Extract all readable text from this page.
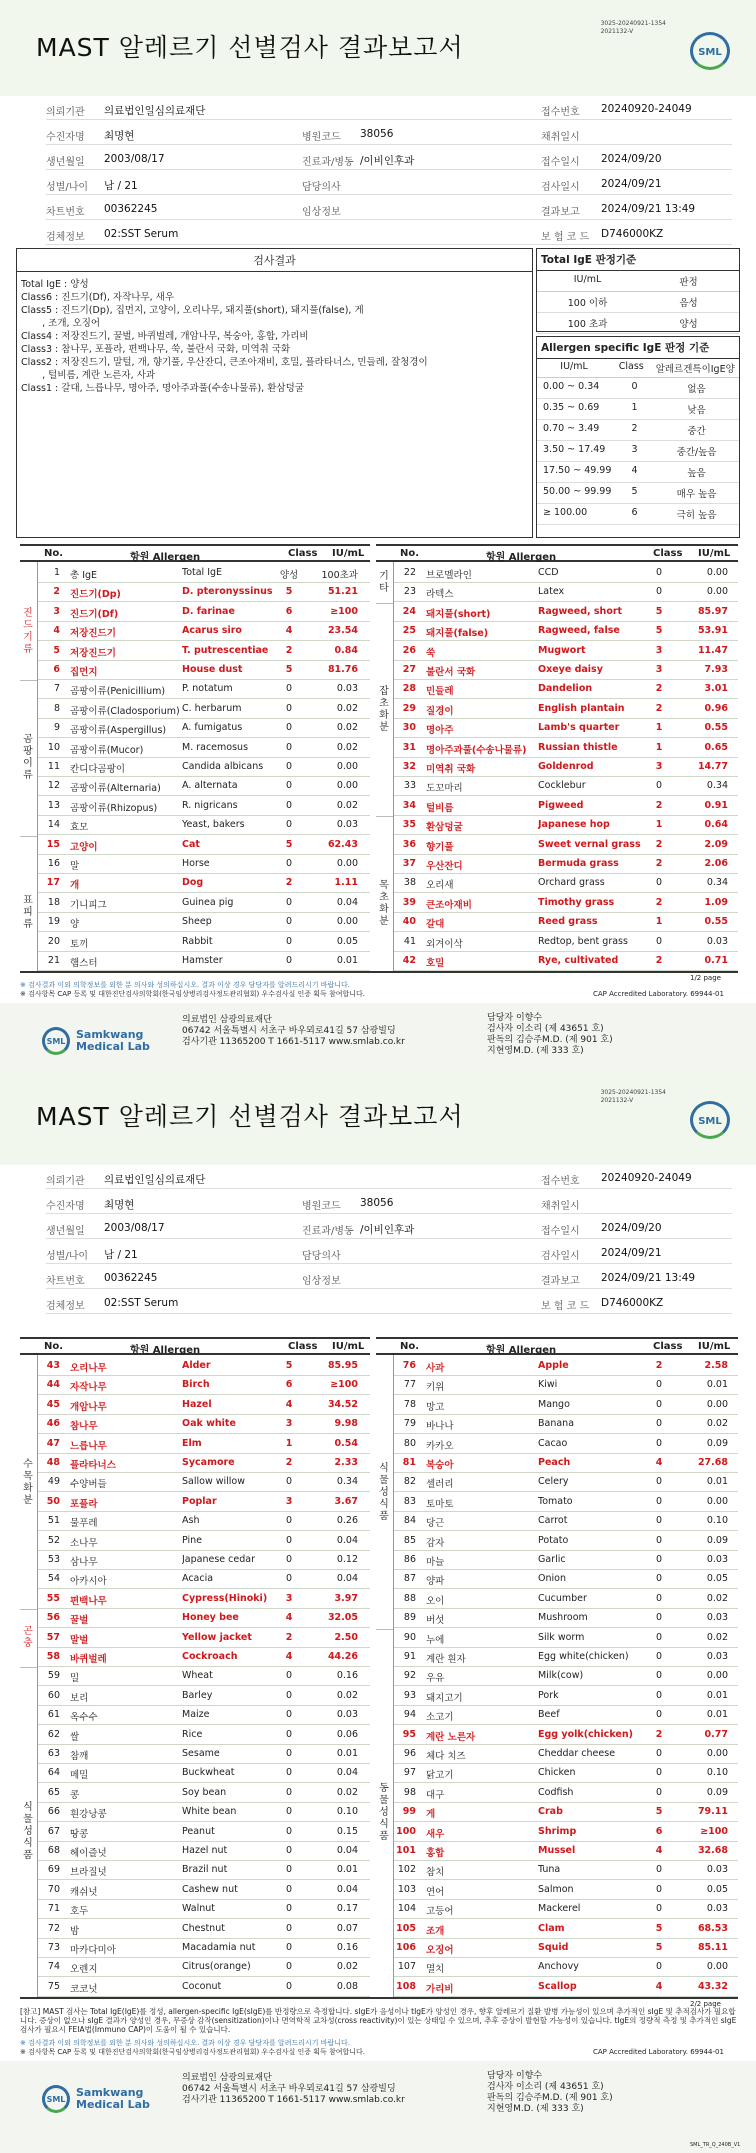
MAST 알레르기 선별검사 결과보고서
3025-20240921-1354
2021132-V
SML
의뢰기관 의료법인일심의료재단	접수번호 20240920-24049
수진자명 최명현	병원코드 38056	채취일시
생년월일 2003/08/17	진료과/병동 /이비인후과	접수일시 2024/09/20
성별/나이 남 / 21	담당의사	검사일시 2024/09/21
차트번호 00362245	임상정보	결과보고 2024/09/21 13:49
검체정보 02:SST Serum	보 험 코 드 D746000KZ
검사결과
Total IgE : 양성
Class6 : 진드기(Df), 자작나무, 새우
Class5 : 진드기(Dp), 집먼지, 고양이, 오리나무, 돼지풀(short), 돼지풀(false), 게
, 조개, 오징어
Class4 : 저장진드기, 꿀벌, 바퀴벌레, 개암나무, 복숭아, 홍합, 가리비
Class3 : 참나무, 포플라, 편백나무, 쑥, 불란서 국화, 미역취 국화
Class2 : 저장진드기, 말털, 개, 향기풀, 우산잔디, 큰조아재비, 호밀, 플라타너스, 민들레, 잘청경이
, 털비름, 계란 노른자, 사과
Class1 : 갈대, 느릅나무, 명아주, 명아주과풀(수송나물류), 환삼덩굴
Total IgE 판정기준
IU/mL	판정
100 이하	음성
100 초과	양성
Allergen specific IgE 판정 기준
IU/mL	Class	알레르겐특이IgE양
0.00 ~ 0.34	0	없음
0.35 ~ 0.69	1	낮음
0.70 ~ 3.49	2	중간
3.50 ~ 17.49	3	중간/높음
17.50 ~ 49.99	4	높음
50.00 ~ 99.99	5	매우 높음
≥ 100.00	6	극히 높음
No.	항원 Allergen	Class IU/mL
1 총 IgE	Total IgE	양성	100초과
2 진드기(Dp)	D. pteronyssinus	5	51.21
3 진드기(Df)	D. farinae	6	≥100
4 저장진드기	Acarus siro	4	23.54
5 저장진드기	T. putrescentiae	2	0.84
6 집먼지	House dust	5	81.76
7 곰팡이류(Penicillium)	P. notatum	0	0.03
8 곰팡이류(Cladosporium) C. herbarum	0	0.02
9 곰팡이류(Aspergillus)	A. fumigatus	0	0.02
10 곰팡이류(Mucor)	M. racemosus	0	0.02
11 칸디다곰팡이	Candida albicans	0	0.00
12 곰팡이류(Alternaria)	A. alternata	0	0.00
13 곰팡이류(Rhizopus)	R. nigricans	0	0.02
14 효모	Yeast, bakers	0	0.03
15 고양이	Cat	5	62.43
16 말	Horse	0	0.00
17 개	Dog	2	1.11
18 기니피그	Guinea pig	0	0.04
19 양	Sheep	0	0.00
20 토끼	Rabbit	0	0.05
21 햄스터	Hamster	0	0.01
진드기류
곰팡이류
표피류
No.	항원 Allergen	Class IU/mL
22 브로멜라인	CCD	0	0.00
23 라텍스	Latex	0	0.00
24 돼지풀(short)	Ragweed, short	5	85.97
25 돼지풀(false)	Ragweed, false	5	53.91
26 쑥	Mugwort	3	11.47
27 불란서 국화	Oxeye daisy	3	7.93
28 민들레	Dandelion	2	3.01
29 질경이	English plantain	2	0.96
30 명아주	Lamb's quarter	1	0.55
31 명아주과풀(수송나물류)	Russian thistle	1	0.65
32 미역취 국화	Goldenrod	3	14.77
33 도꼬마리	Cocklebur	0	0.34
34 털비름	Pigweed	2	0.91
35 환삼덩굴	Japanese hop	1	0.64
36 향기풀	Sweet vernal grass	2	2.09
37 우산잔디	Bermuda grass	2	2.06
38 오리새	Orchard grass	0	0.34
39 큰조아재비	Timothy grass	2	1.09
40 갈대	Reed grass	1	0.55
41 외겨이삭	Redtop, bent grass	0	0.03
42 호밀	Rye, cultivated	2	0.71
기타
잡초화분
목초화분
1/2 page
※ 검사결과 이외 의학정보를 외한 분 의사와 성의하십시오. 결과 이상 경우 담당자를 알려드리시기 바랍니다.
※ 검사항목 CAP 등록 및 대한진단검사의학회(한국임상병리검사정도관리협회) 우수검사실 인증 획득 참여합니다.	CAP Accredited Laboratory. 69944-01
SML
Samkwang
Medical Lab
의료법인 삼광의료재단
06742 서울특별시 서초구 바우뫼로41길 57 삼광빌딩
검사기관 11365200 T 1661-5117 www.smlab.co.kr
담당자 이향수
검사자 이소리 (제 43651 호)
판독의 김승주M.D. (제 901 호)
지현영M.D. (제 333 호)
MAST 알레르기 선별검사 결과보고서
3025-20240921-1354
2021132-V
SML
의뢰기관 의료법인일심의료재단	접수번호 20240920-24049
수진자명 최명현	병원코드 38056	채취일시
생년월일 2003/08/17	진료과/병동 /이비인후과	접수일시 2024/09/20
성별/나이 남 / 21	담당의사	검사일시 2024/09/21
차트번호 00362245	임상정보	결과보고 2024/09/21 13:49
검체정보 02:SST Serum	보 험 코 드 D746000KZ
No.	항원 Allergen	Class IU/mL
43 오리나무	Alder	5	85.95
44 자작나무	Birch	6	≥100
45 개암나무	Hazel	4	34.52
46 참나무	Oak white	3	9.98
47 느릅나무	Elm	1	0.54
48 플라타너스	Sycamore	2	2.33
49 수양버들	Sallow willow	0	0.34
50 포플라	Poplar	3	3.67
51 물푸레	Ash	0	0.26
52 소나무	Pine	0	0.04
53 삼나무	Japanese cedar	0	0.12
54 아카시아	Acacia	0	0.04
55 편백나무	Cypress(Hinoki)	3	3.97
56 꿀벌	Honey bee	4	32.05
57 말벌	Yellow jacket	2	2.50
58 바퀴벌레	Cockroach	4	44.26
59 밀	Wheat	0	0.16
60 보리	Barley	0	0.02
61 옥수수	Maize	0	0.03
62 쌀	Rice	0	0.06
63 참깨	Sesame	0	0.01
64 메밀	Buckwheat	0	0.04
65 콩	Soy bean	0	0.02
66 흰강낭콩	White bean	0	0.10
67 땅콩	Peanut	0	0.15
68 헤이즐넛	Hazel nut	0	0.04
69 브라질넛	Brazil nut	0	0.01
70 캐쉬넛	Cashew nut	0	0.04
71 호두	Walnut	0	0.17
72 밤	Chestnut	0	0.07
73 마카다미아	Macadamia nut	0	0.16
74 오렌지	Citrus(orange)	0	0.02
75 코코넛	Coconut	0	0.08
수목화분
곤충
식물성식품
No.	항원 Allergen	Class IU/mL
76 사과	Apple	2	2.58
77 키위	Kiwi	0	0.01
78 망고	Mango	0	0.00
79 바나나	Banana	0	0.02
80 카카오	Cacao	0	0.09
81 복숭아	Peach	4	27.68
82 셀러리	Celery	0	0.01
83 토마토	Tomato	0	0.00
84 당근	Carrot	0	0.10
85 감자	Potato	0	0.09
86 마늘	Garlic	0	0.03
87 양파	Onion	0	0.05
88 오이	Cucumber	0	0.02
89 버섯	Mushroom	0	0.03
90 누에	Silk worm	0	0.02
91 계란 흰자	Egg white(chicken)	0	0.03
92 우유	Milk(cow)	0	0.00
93 돼지고기	Pork	0	0.01
94 소고기	Beef	0	0.01
95 계란 노른자	Egg yolk(chicken)	2	0.77
96 체다 치즈	Cheddar cheese	0	0.00
97 닭고기	Chicken	0	0.10
98 대구	Codfish	0	0.09
99 게	Crab	5	79.11
100 새우	Shrimp	6	≥100
101 홍합	Mussel	4	32.68
102 참치	Tuna	0	0.03
103 연어	Salmon	0	0.05
104 고등어	Mackerel	0	0.03
105 조개	Clam	5	68.53
106 오징어	Squid	5	85.11
107 멸치	Anchovy	0	0.00
108 가리비	Scallop	4	43.32
식물성식품
동물성식품
2/2 page
[참고] MAST 검사는 Total IgE(IgE)를 정성, allergen-specific IgE(sIgE)를 반정량으로 측정합니다. sIgE가 음성이나 tIgE가 양성인 경우, 향후 알레르기 질환 발병 가능성이 있으며 추가적인 sIgE 및 추적검사가 필요합니다. 증상이 없으나 sIgE 결과가 양성인 경우, 무증상 감작(sensitization)이나 면역학적 교차성(cross reactivity)이 있는 상태일 수 있으며, 추후 증상이 발현할 가능성이 있습니다. tIgE의 정량적 측정 및 추가적인 sIgE 검사가 필요시 FEIA법(Immuno CAP)이 도움이 될 수 있습니다.
※ 검사결과 이외 의학정보를 외한 분 의사와 성의하십시오. 결과 이상 경우 담당자를 알려드리시기 바랍니다.
※ 검사항목 CAP 등록 및 대한진단검사의학회(한국임상병리검사정도관리협회) 우수검사실 인증 획득 참여합니다.	CAP Accredited Laboratory. 69944-01
SML
Samkwang
Medical Lab
의료법인 삼광의료재단
06742 서울특별시 서초구 바우뫼로41길 57 삼광빌딩
검사기관 11365200 T 1661-5117 www.smlab.co.kr
담당자 이향수
검사자 이소리 (제 43651 호)
판독의 김승주M.D. (제 901 호)
지현영M.D. (제 333 호)
SML_TR_Q_240B_V1
